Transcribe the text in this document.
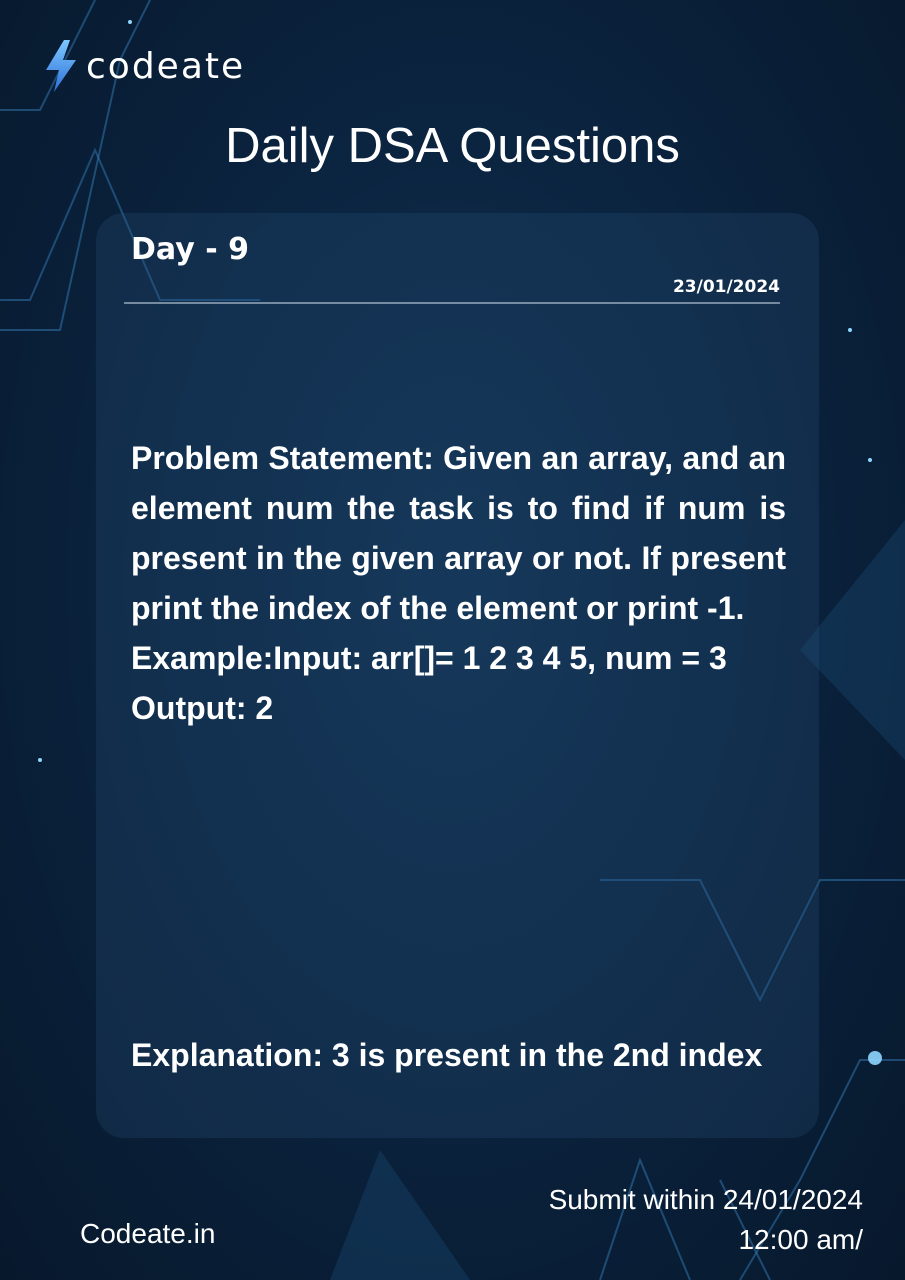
codeate
Daily DSA Questions
Day - 9
23/01/2024

Problem Statement: Given an array, and an element num the task is to find if num is present in the given array or not. If present print the index of the element or print -1.

Example:Input: arr[]= 1 2 3 4 5, num = 3

Output: 2

Explanation: 3 is present in the 2nd index
Codeate.in
Submit within 24/01/2024
12:00 am/
